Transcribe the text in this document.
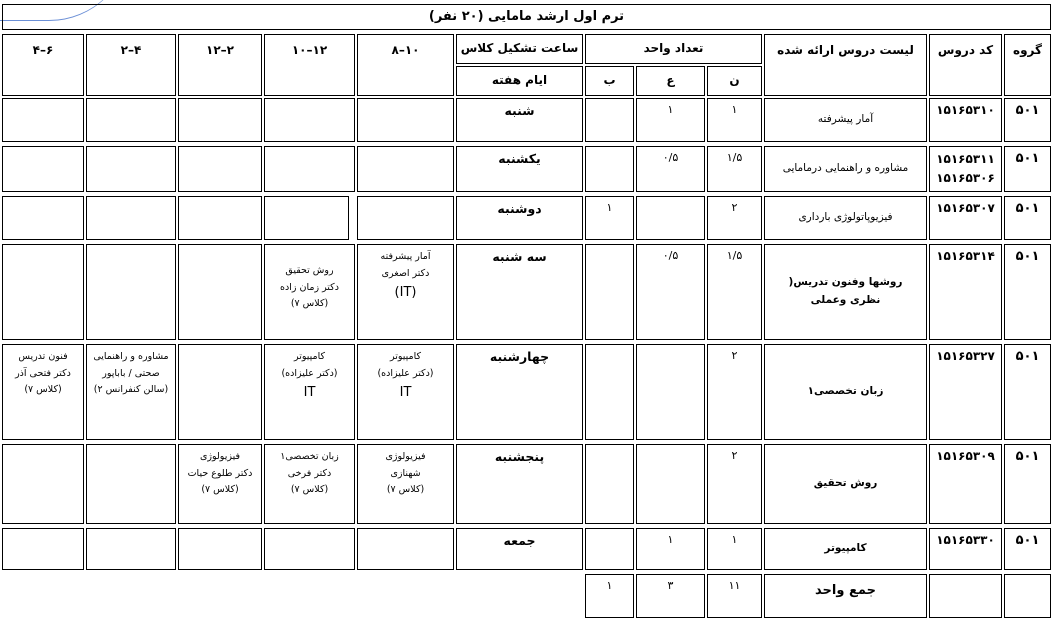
ترم اول ارشد مامایی (۲۰ نفر)
گروه
کد دروس
لیست دروس ارائه شده
تعداد واحد
ن
ع
ب
ساعت تشکیل کلاس
ایام هفته
۸–۱۰
۱۰–۱۲
۱۲–۲
۲–۴
۴–۶
۵۰۱
۱۵۱۶۵۳۱۰
آمار پیشرفته
۱
۱
شنبه
۵۰۱
۱۵۱۶۵۳۱۱
۱۵۱۶۵۳۰۶
مشاوره و راهنمایی درمامایی
۱/۵
۰/۵
یکشنبه
۵۰۱
۱۵۱۶۵۳۰۷
فیزیوپاتولوژی بارداری
۲
۱
دوشنبه
۵۰۱
۱۵۱۶۵۳۱۴
روشها وفنون تدریس( نظری وعملی
۱/۵
۰/۵
سه شنبه
آمار پیشرفته
دکتر اصغری
(IT)
روش تحقیق
دکتر زمان زاده
(کلاس ۷)
۵۰۱
۱۵۱۶۵۳۲۷
زبان تخصصی۱
۲
چهارشنبه
کامپیوتر
(دکتر علیزاده)
IT
کامپیوتر
(دکتر علیزاده)
IT
مشاوره و راهنمایی
صحتی / باباپور
(سالن کنفرانس ۲)
فنون تدریس
دکتر فتحی آذر
(کلاس ۷)
۵۰۱
۱۵۱۶۵۳۰۹
روش تحقیق
۲
پنجشنبه
فیزیولوژی
شهنازی
(کلاس ۷)
زبان تخصصی۱
دکتر فرخی
(کلاس ۷)
فیزیولوژی
دکتر طلوع حیات
(کلاس ۷)
۵۰۱
۱۵۱۶۵۳۳۰
کامپیوتر
۱
۱
جمعه
جمع واحد
۱۱
۳
۱
